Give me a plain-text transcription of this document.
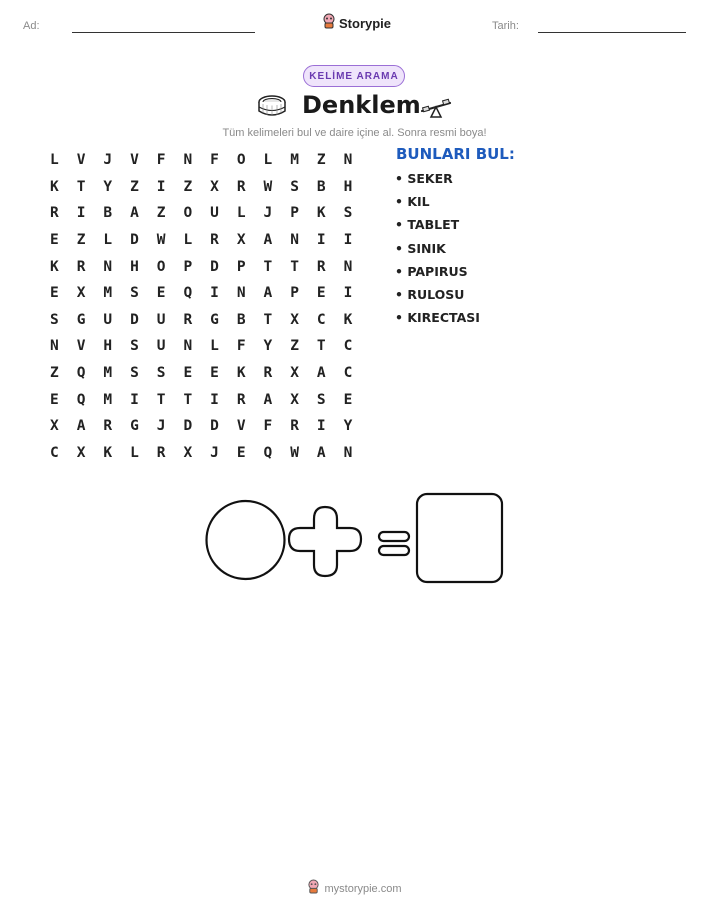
Ad:	Storypie	Tarih:
KELİME ARAMA
Denklem
Tüm kelimeleri bul ve daire içine al. Sonra resmi boya!
L	V	J	V	F	N	F	O	L	M	Z	N
K	T	Y	Z	I	Z	X	R	W	S	B	H
R	I	B	A	Z	O	U	L	J	P	K	S
E	Z	L	D	W	L	R	X	A	N	I	I
K	R	N	H	O	P	D	P	T	T	R	N
E	X	M	S	E	Q	I	N	A	P	E	I
S	G	U	D	U	R	G	B	T	X	C	K
N	V	H	S	U	N	L	F	Y	Z	T	C
Z	Q	M	S	S	E	E	K	R	X	A	C
E	Q	M	I	T	T	I	R	A	X	S	E
X	A	R	G	J	D	D	V	F	R	I	Y
C	X	K	L	R	X	J	E	Q	W	A	N
BUNLARI BUL:
• SEKER
• KIL
• TABLET
• SINIK
• PAPIRUS
• RULOSU
• KIRECTASI
mystorypie.com
